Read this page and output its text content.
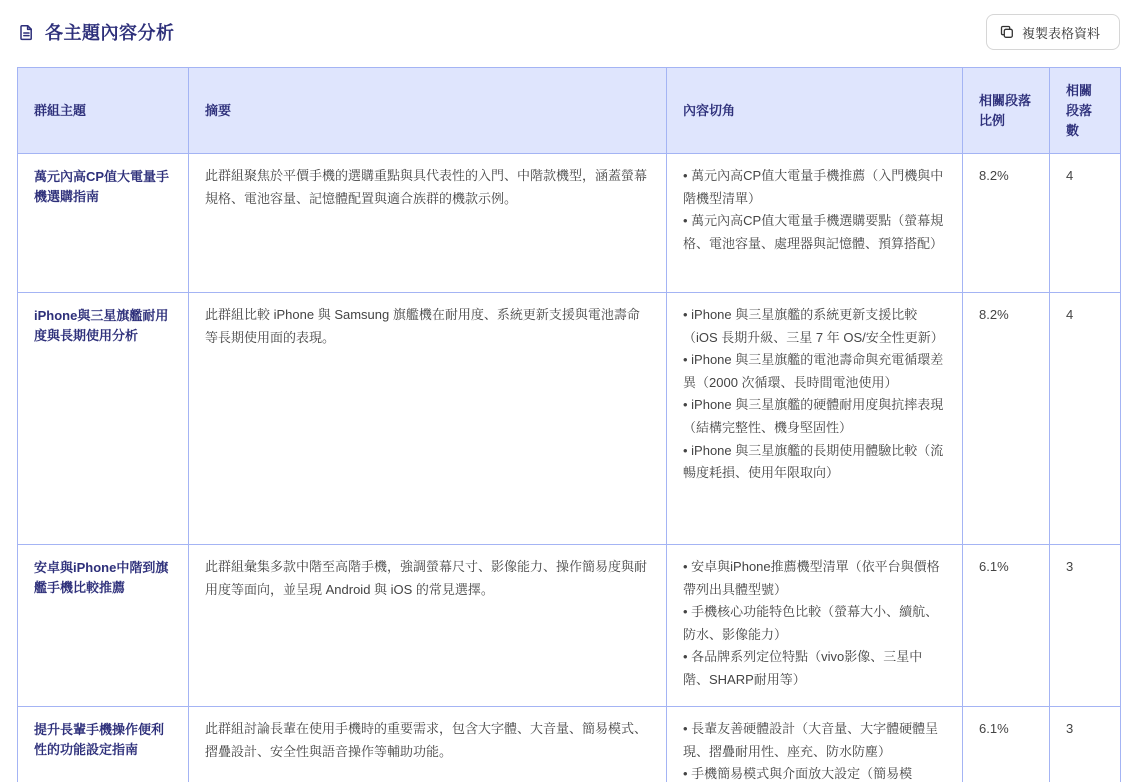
各主題內容分析	複製表格資料
群組主題	摘要	內容切角	相關段落比例	相關段落數
萬元內高CP值大電量手機選購指南	此群組聚焦於平價手機的選購重點與具代表性的入門、中階款機型，涵蓋螢幕規格、電池容量、記憶體配置與適合族群的機款示例。	• 萬元內高CP值大電量手機推薦（入門機與中階機型清單）
• 萬元內高CP值大電量手機選購要點（螢幕規格、電池容量、處理器與記憶體、預算搭配）	8.2%	4
iPhone與三星旗艦耐用度與長期使用分析	此群組比較 iPhone 與 Samsung 旗艦機在耐用度、系統更新支援與電池壽命等長期使用面的表現。	• iPhone 與三星旗艦的系統更新支援比較（iOS 長期升級、三星 7 年 OS/安全性更新）
• iPhone 與三星旗艦的電池壽命與充電循環差異（2000 次循環、長時間電池使用）
• iPhone 與三星旗艦的硬體耐用度與抗摔表現（結構完整性、機身堅固性）
• iPhone 與三星旗艦的長期使用體驗比較（流暢度耗損、使用年限取向）	8.2%	4
安卓與iPhone中階到旗艦手機比較推薦	此群組彙集多款中階至高階手機，強調螢幕尺寸、影像能力、操作簡易度與耐用度等面向，並呈現 Android 與 iOS 的常見選擇。	• 安卓與iPhone推薦機型清單（依平台與價格帶列出具體型號）
• 手機核心功能特色比較（螢幕大小、續航、防水、影像能力）
• 各品牌系列定位特點（vivo影像、三星中階、SHARP耐用等）	6.1%	3
提升長輩手機操作便利性的功能設定指南	此群組討論長輩在使用手機時的重要需求，包含大字體、大音量、簡易模式、摺疊設計、安全性與語音操作等輔助功能。	• 長輩友善硬體設計（大音量、大字體硬體呈現、摺疊耐用性、座充、防水防塵）
• 手機簡易模式與介面放大設定（簡易模	6.1%	3
